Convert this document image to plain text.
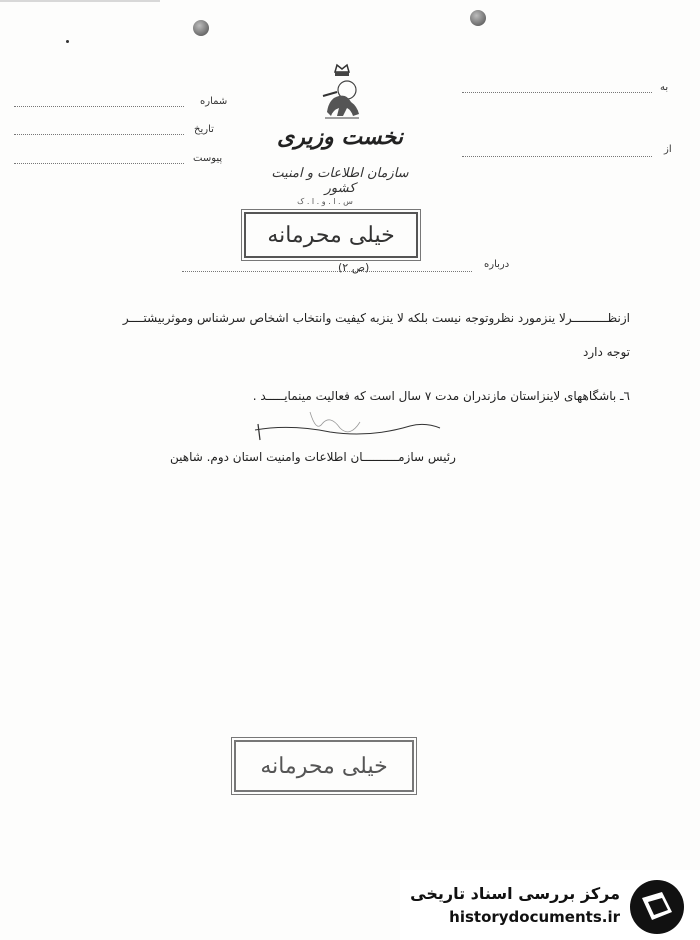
شماره
تاریخ
پیوست
به
از
نخست وزیری
سازمان اطلاعات و امنیت کشور
س . ا . و . ا . ک
خیلی محرمانه
درباره
(ص ۲)
ازنظــــــــــرلا ینزمورد نظروتوجه نیست بلکه لا ینزبه کیفیت وانتخاب اشخاص سرشناس وموثربیشتــــر
توجه دارد
٦ـ باشگاههای لاینزاستان مازندران مدت ۷ سال است که فعالیت مینمایـــــد .
رئیس سازمــــــــــان اطلاعات وامنیت استان دوم. شاهین
خیلی محرمانه
مرکز بررسی اسناد تاریخی
historydocuments.ir
